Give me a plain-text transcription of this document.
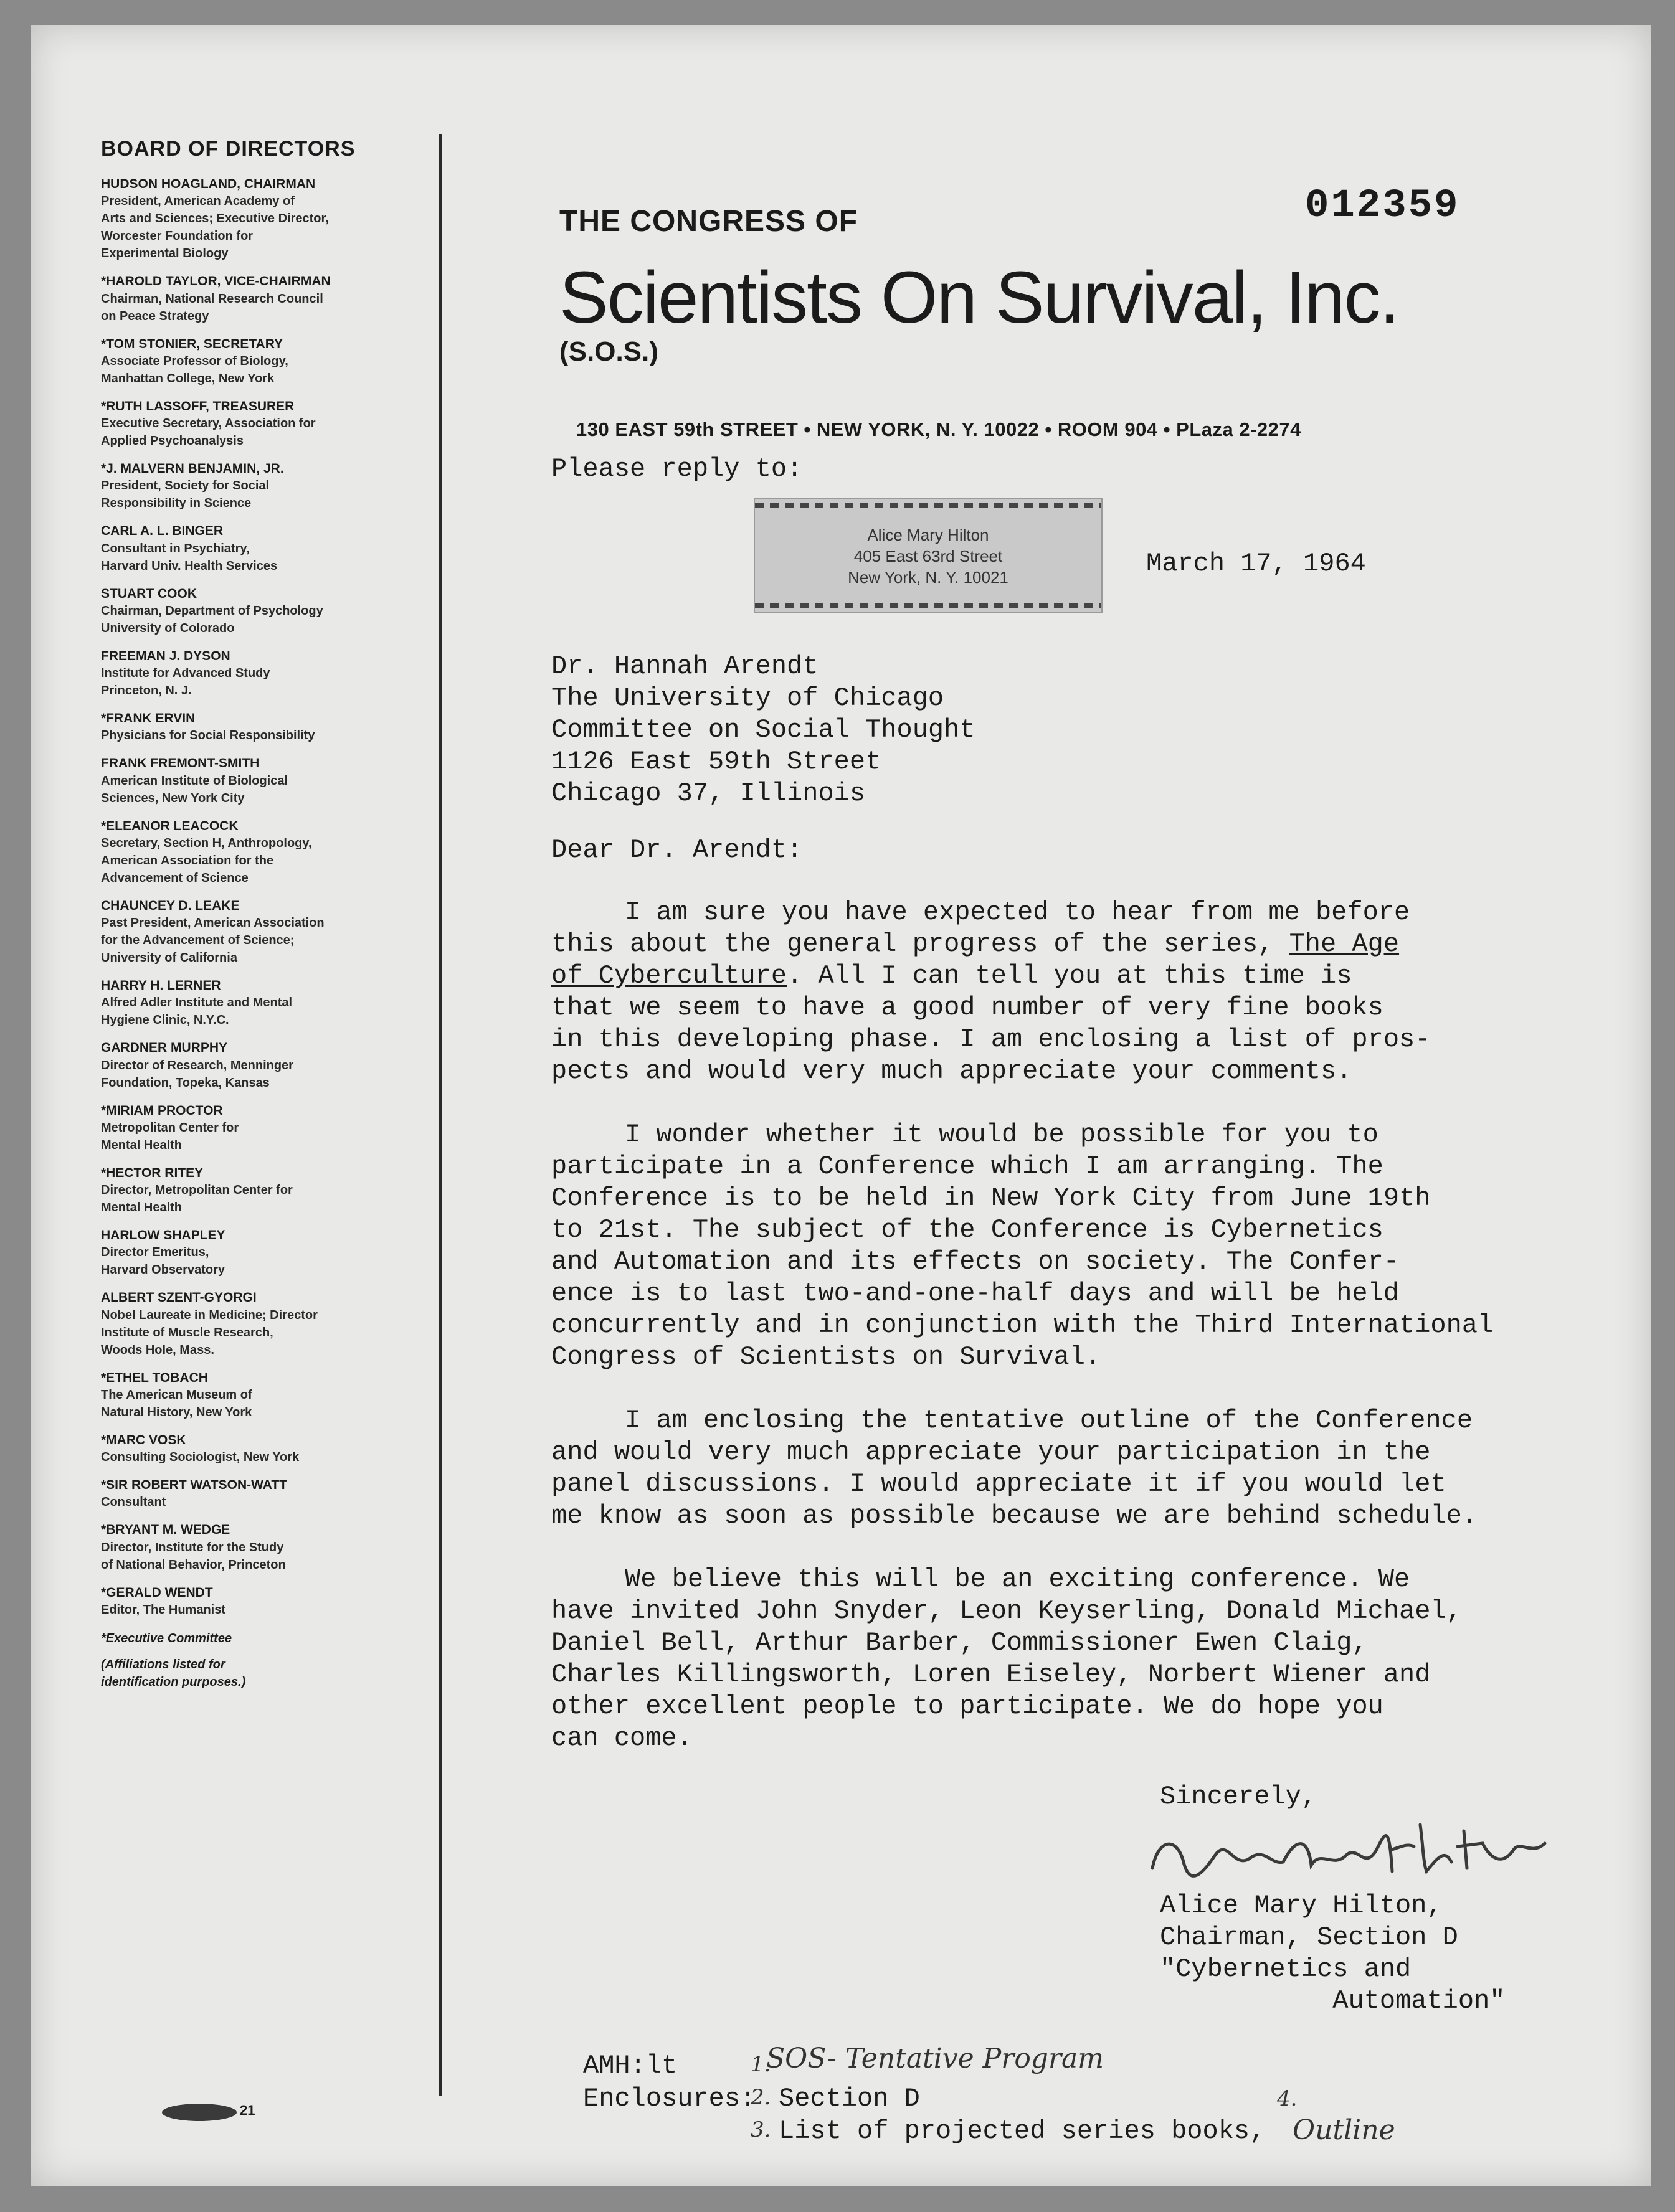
012359
BOARD OF DIRECTORS
HUDSON HOAGLAND, CHAIRMAN
President, American Academy of
Arts and Sciences; Executive Director,
Worcester Foundation for
Experimental Biology
*HAROLD TAYLOR, VICE-CHAIRMAN
Chairman, National Research Council
on Peace Strategy
*TOM STONIER, SECRETARY
Associate Professor of Biology,
Manhattan College, New York
*RUTH LASSOFF, TREASURER
Executive Secretary, Association for
Applied Psychoanalysis
*J. MALVERN BENJAMIN, JR.
President, Society for Social
Responsibility in Science
CARL A. L. BINGER
Consultant in Psychiatry,
Harvard Univ. Health Services
STUART COOK
Chairman, Department of Psychology
University of Colorado
FREEMAN J. DYSON
Institute for Advanced Study
Princeton, N. J.
*FRANK ERVIN
Physicians for Social Responsibility
FRANK FREMONT-SMITH
American Institute of Biological
Sciences, New York City
*ELEANOR LEACOCK
Secretary, Section H, Anthropology,
American Association for the
Advancement of Science
CHAUNCEY D. LEAKE
Past President, American Association
for the Advancement of Science;
University of California
HARRY H. LERNER
Alfred Adler Institute and Mental
Hygiene Clinic, N.Y.C.
GARDNER MURPHY
Director of Research, Menninger
Foundation, Topeka, Kansas
*MIRIAM PROCTOR
Metropolitan Center for
Mental Health
*HECTOR RITEY
Director, Metropolitan Center for
Mental Health
HARLOW SHAPLEY
Director Emeritus,
Harvard Observatory
ALBERT SZENT-GYORGI
Nobel Laureate in Medicine; Director
Institute of Muscle Research,
Woods Hole, Mass.
*ETHEL TOBACH
The American Museum of
Natural History, New York
*MARC VOSK
Consulting Sociologist, New York
*SIR ROBERT WATSON-WATT
Consultant
*BRYANT M. WEDGE
Director, Institute for the Study
of National Behavior, Princeton
*GERALD WENDT
Editor, The Humanist
*Executive Committee
(Affiliations listed for
identification purposes.)
21
THE CONGRESS OF
Scientists On Survival, Inc.
(S.O.S.)
130 EAST 59th STREET • NEW YORK, N. Y. 10022 • ROOM 904 • PLaza 2-2274
Please reply to:
Alice Mary Hilton
405 East 63rd Street
New York, N. Y. 10021	March 17, 1964
Dr. Hannah Arendt
The University of Chicago
Committee on Social Thought
1126 East 59th Street
Chicago 37, Illinois
Dear Dr. Arendt:

I am sure you have expected to hear from me before
this about the general progress of the series, The Age
of Cyberculture. All I can tell you at this time is
that we seem to have a good number of very fine books
in this developing phase. I am enclosing a list of pros-
pects and would very much appreciate your comments.

I wonder whether it would be possible for you to
participate in a Conference which I am arranging. The
Conference is to be held in New York City from June 19th
to 21st. The subject of the Conference is Cybernetics
and Automation and its effects on society. The Confer-
ence is to last two-and-one-half days and will be held
concurrently and in conjunction with the Third International
Congress of Scientists on Survival.

I am enclosing the tentative outline of the Conference
and would very much appreciate your participation in the
panel discussions. I would appreciate it if you would let
me know as soon as possible because we are behind schedule.

We believe this will be an exciting conference. We
have invited John Snyder, Leon Keyserling, Donald Michael,
Daniel Bell, Arthur Barber, Commissioner Ewen Claig,
Charles Killingsworth, Loren Eiseley, Norbert Wiener and
other excellent people to participate. We do hope you
can come.

Sincerely,
Alice Mary Hilton,
Chairman, Section D
"Cybernetics and
Automation"
AMH:lt	1.
SOS- Tentative Program
Enclosures:
2. Section D
3. List of projected series books,
4.
Outline
